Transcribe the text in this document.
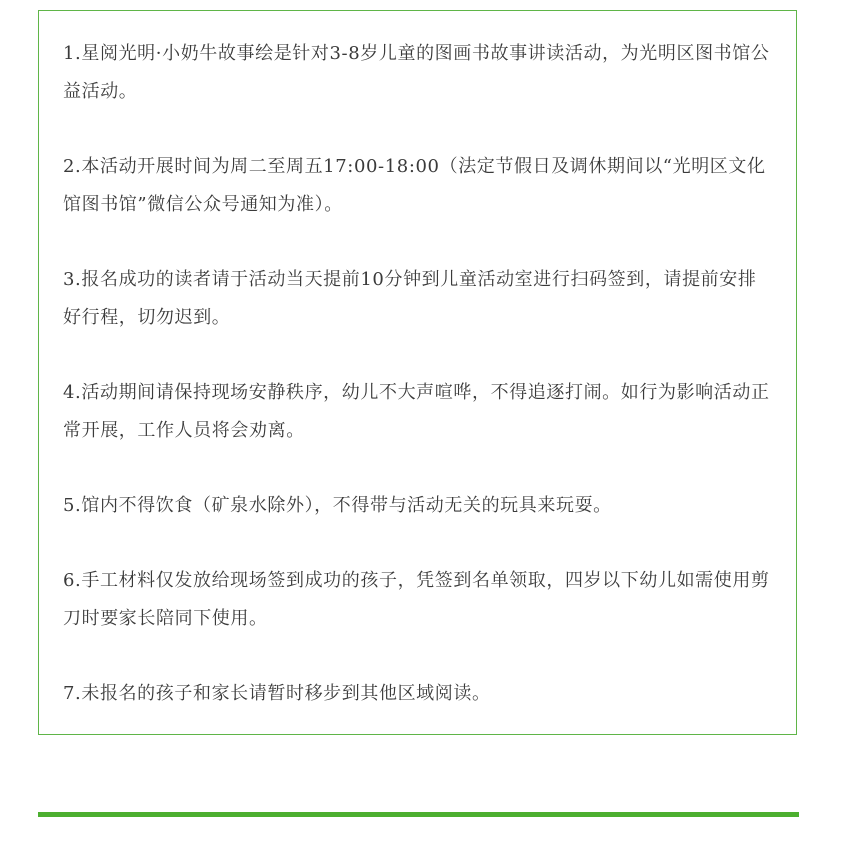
1.星阅光明·小奶牛故事绘是针对3-8岁儿童的图画书故事讲读活动，为光明区图书馆公益活动。

2.本活动开展时间为周二至周五17:00-18:00（法定节假日及调休期间以“光明区文化馆图书馆”微信公众号通知为准）。

3.报名成功的读者请于活动当天提前10分钟到儿童活动室进行扫码签到，请提前安排好行程，切勿迟到。

4.活动期间请保持现场安静秩序，幼儿不大声喧哗，不得追逐打闹。如行为影响活动正常开展，工作人员将会劝离。

5.馆内不得饮食（矿泉水除外），不得带与活动无关的玩具来玩耍。

6.手工材料仅发放给现场签到成功的孩子，凭签到名单领取，四岁以下幼儿如需使用剪刀时要家长陪同下使用。

7.未报名的孩子和家长请暂时移步到其他区域阅读。
